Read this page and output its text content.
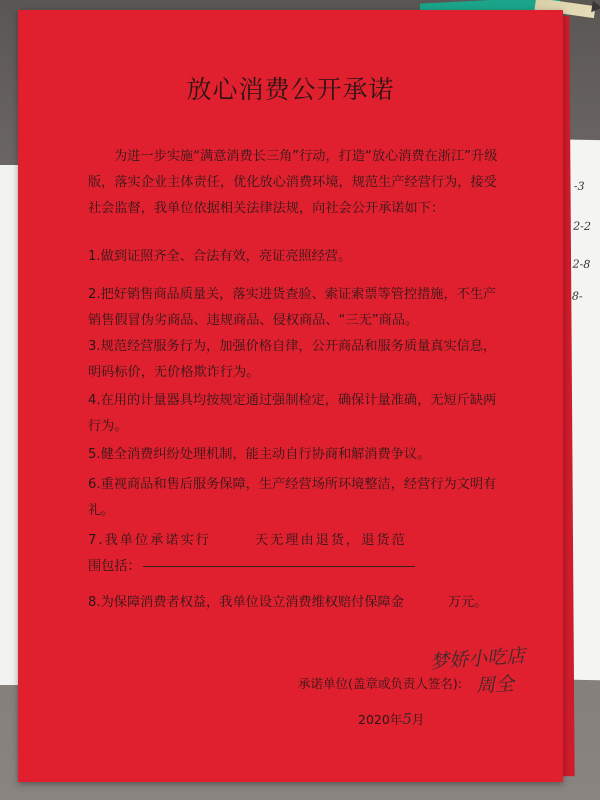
-3
2-2
2-8
8-
放心消费公开承诺
为进一步实施“满意消费长三角”行动，打造“放心消费在浙江”升级版，落实企业主体责任，优化放心消费环境，规范生产经营行为，接受社会监督，我单位依据相关法律法规，向社会公开承诺如下：
1.做到证照齐全、合法有效，亮证亮照经营。
2.把好销售商品质量关，落实进货查验、索证索票等管控措施，不生产销售假冒伪劣商品、违规商品、侵权商品、“三无”商品。
3.规范经营服务行为，加强价格自律，公开商品和服务质量真实信息，明码标价，无价格欺诈行为。
4.在用的计量器具均按规定通过强制检定，确保计量准确，无短斤缺两行为。
5.健全消费纠纷处理机制，能主动自行协商和解消费争议。
6.重视商品和售后服务保障，生产经营场所环境整洁，经营行为文明有礼。
7.我单位承诺实行	天无理由退货，退货范
围包括：
8.为保障消费者权益，我单位设立消费维权赔付保障金	万元。
梦娇小吃店
周全
承诺单位(盖章或负责人签名):
2020年5月
